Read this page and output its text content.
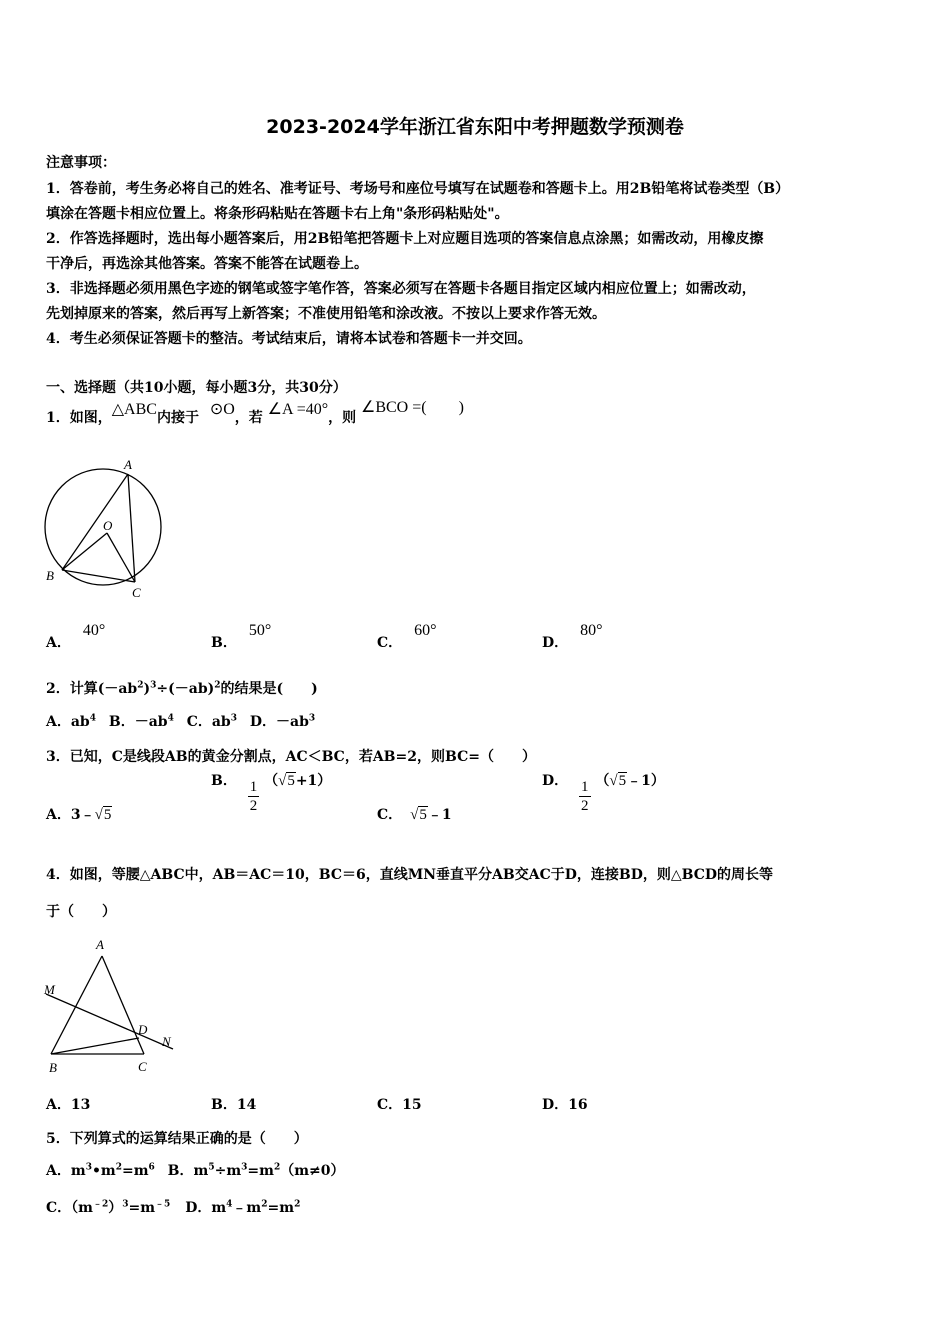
2023-2024学年浙江省东阳中考押题数学预测卷
注意事项：
1．答卷前，考生务必将自己的姓名、准考证号、考场号和座位号填写在试题卷和答题卡上。用2B铅笔将试卷类型（B）
填涂在答题卡相应位置上。将条形码粘贴在答题卡右上角"条形码粘贴处"。
2．作答选择题时，选出每小题答案后，用2B铅笔把答题卡上对应题目选项的答案信息点涂黑；如需改动，用橡皮擦
干净后，再选涂其他答案。答案不能答在试题卷上。
3．非选择题必须用黑色字迹的钢笔或签字笔作答，答案必须写在答题卡各题目指定区域内相应位置上；如需改动，
先划掉原来的答案，然后再写上新答案；不准使用铅笔和涂改液。不按以上要求作答无效。
4．考生必须保证答题卡的整洁。考试结束后，请将本试卷和答题卡一并交回。
一、选择题（共10小题，每小题3分，共30分）
1．如图，△ABC内接于 ⊙O，若 ∠A =40°，则 ∠BCO =(　　)
A
O
B
C
A．40°
B．50°
C．60°
D．80°
2．计算$(-ab^2)^3\div(-ab)^2$的结果是(　　)
A．$ab^4$ B．$-ab^4$ C．$ab^3$ D．$-ab^3$
3．已知，C是线段AB的黄金分割点，AC＜BC，若AB=2，则BC=（　　）
A．3﹣√5
B． $\frac{1}{2} (√5+1)$
C． √5﹣1
D． $\frac{1}{2}$ （√5﹣1）
4．如图，等腰△ABC中，AB＝AC＝10，BC＝6，直线MN垂直平分AB交AC于D，连接BD，则△BCD的周长等
于（　　）
A
M
D
N
B	C
A．13	B．14	C．15	D．16
5．下列算式的运算结果正确的是（　　）
A．$m^3•m^2=m^6$ B．$m^5\div m^3=m^2(m\ne 0)$
C．$(m^{﹣2})^3=m^{﹣5}$ D．$m^4﹣m^2=m^2$
